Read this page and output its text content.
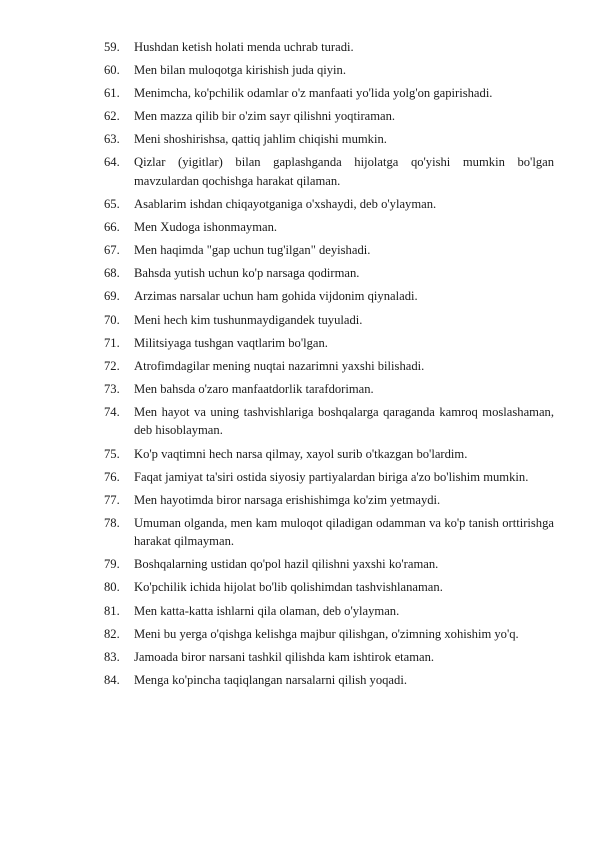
59.	Hushdan ketish holati menda uchrab turadi.
60.	Men bilan muloqotga kirishish juda qiyin.
61.	Menimcha, ko'pchilik odamlar o'z manfaati yo'lida yolg'on gapirishadi.
62.	Men mazza qilib bir o'zim sayr qilishni yoqtiraman.
63.	Meni shoshirishsa, qattiq jahlim chiqishi mumkin.
64.	Qizlar (yigitlar) bilan gaplashganda hijolatga qo'yishi mumkin bo'lgan mavzulardan qochishga harakat qilaman.
65.	Asablarim ishdan chiqayotganiga o'xshaydi, deb o'ylayman.
66.	Men Xudoga ishonmayman.
67.	Men haqimda "gap uchun tug'ilgan" deyishadi.
68.	Bahsda yutish uchun ko'p narsaga qodirman.
69.	Arzimas narsalar uchun ham gohida vijdonim qiynaladi.
70.	Meni hech kim tushunmaydigandek tuyuladi.
71.	Militsiyaga tushgan vaqtlarim bo'lgan.
72.	Atrofimdagilar mening nuqtai nazarimni yaxshi bilishadi.
73.	Men bahsda o'zaro manfaatdorlik tarafdoriman.
74.	Men hayot va uning tashvishlariga boshqalarga qaraganda kamroq moslashaman, deb hisoblayman.
75.	Ko'p vaqtimni hech narsa qilmay, xayol surib o'tkazgan bo'lardim.
76.	Faqat jamiyat ta'siri ostida siyosiy partiyalardan biriga a'zo bo'lishim mumkin.
77.	Men hayotimda biror narsaga erishishimga ko'zim yetmaydi.
78.	Umuman olganda, men kam muloqot qiladigan odamman va ko'p tanish orttirishga harakat qilmayman.
79.	Boshqalarning ustidan qo'pol hazil qilishni yaxshi ko'raman.
80.	Ko'pchilik ichida hijolat bo'lib qolishimdan tashvishlanaman.
81.	Men katta-katta ishlarni qila olaman, deb o'ylayman.
82.	Meni bu yerga o'qishga kelishga majbur qilishgan, o'zimning xohishim yo'q.
83.	Jamoada biror narsani tashkil qilishda kam ishtirok etaman.
84.	Menga ko'pincha taqiqlangan narsalarni qilish yoqadi.
